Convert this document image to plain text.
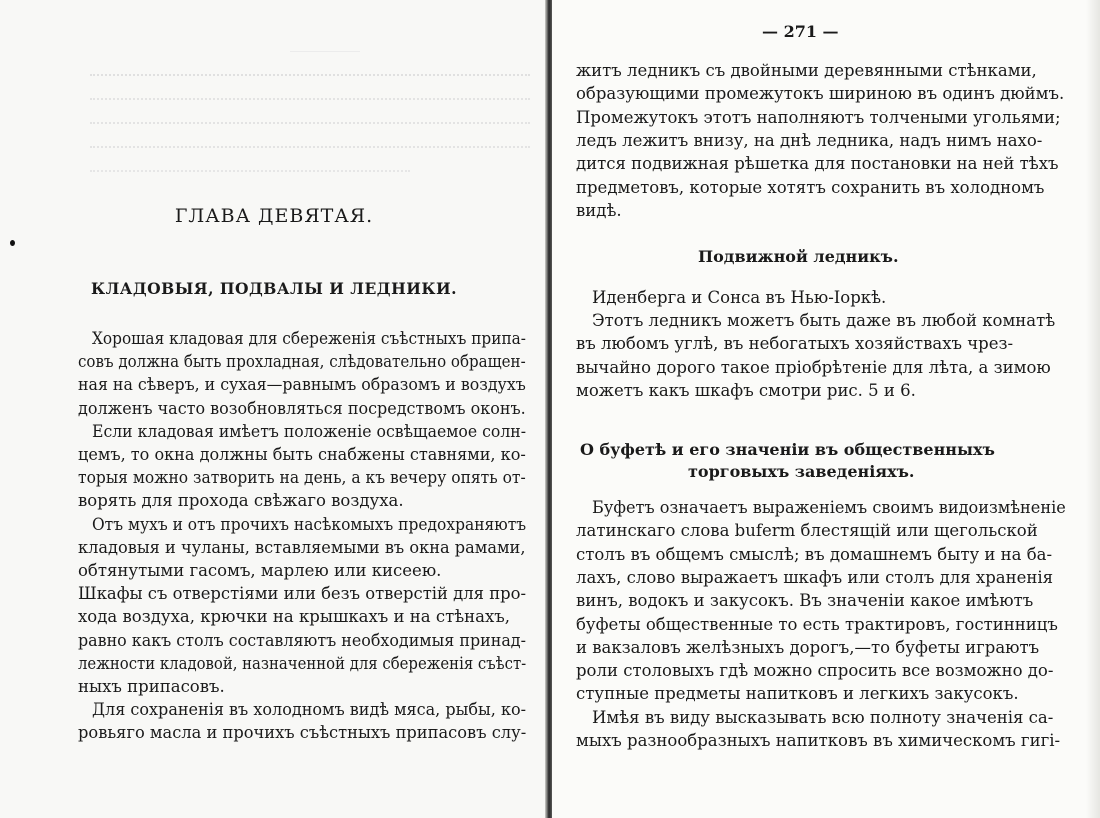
ГЛАВА ДЕВЯТАЯ.
КЛАДОВЫЯ, ПОДВАЛЫ И ЛЕДНИКИ.
Хорошая кладовая для сбереженія съѣстныхъ припа-
совъ должна быть прохладная, слѣдовательно обращен-
ная на сѣверъ, и сухая—равнымъ образомъ и воздухъ
долженъ часто возобновляться посредствомъ оконъ.
Если кладовая имѣетъ положеніе освѣщаемое солн-
цемъ, то окна должны быть снабжены ставнями, ко-
торыя можно затворить на день, а къ вечеру опять от-
ворять для прохода свѣжаго воздуха.
Отъ мухъ и отъ прочихъ насѣкомыхъ предохраняютъ
кладовыя и чуланы, вставляемыми въ окна рамами,
обтянутыми гасомъ, марлею или кисеею.
Шкафы съ отверстіями или безъ отверстій для про-
хода воздуха, крючки на крышкахъ и на стѣнахъ,
равно какъ столъ составляютъ необходимыя принад-
лежности кладовой, назначенной для сбереженія съѣст-
ныхъ припасовъ.
Для сохраненія въ холодномъ видѣ мяса, рыбы, ко-
ровьяго масла и прочихъ съѣстныхъ припасовъ слу-
— 271 —
житъ ледникъ съ двойными деревянными стѣнками,
образующими промежутокъ шириною въ одинъ дюймъ.
Промежутокъ этотъ наполняютъ толчеными угольями;
ледъ лежитъ внизу, на днѣ ледника, надъ нимъ нахо-
дится подвижная рѣшетка для постановки на ней тѣхъ
предметовъ, которые хотятъ сохранить въ холодномъ
видѣ.
Подвижной ледникъ.
Иденберга и Сонса въ Нью-Іоркѣ.
Этотъ ледникъ можетъ быть даже въ любой комнатѣ
въ любомъ углѣ, въ небогатыхъ хозяйствахъ чрез-
вычайно дорого такое пріобрѣтеніе для лѣта, а зимою
можетъ какъ шкафъ смотри рис. 5 и 6.
О буфетѣ и его значеніи въ общественныхъ
торговыхъ заведеніяхъ.
Буфетъ означаетъ выраженіемъ своимъ видоизмѣненіе
латинскаго слова buferm блестящій или щегольской
столъ въ общемъ смыслѣ; въ домашнемъ быту и на ба-
лахъ, слово выражаетъ шкафъ или столъ для храненія
винъ, водокъ и закусокъ. Въ значеніи какое имѣютъ
буфеты общественные то есть трактировъ, гостинницъ
и вакзаловъ желѣзныхъ дорогъ,—то буфеты играютъ
роли столовыхъ гдѣ можно спросить все возможно до-
ступные предметы напитковъ и легкихъ закусокъ.
Имѣя въ виду высказывать всю полноту значенія са-
мыхъ разнообразныхъ напитковъ въ химическомъ гигі-
